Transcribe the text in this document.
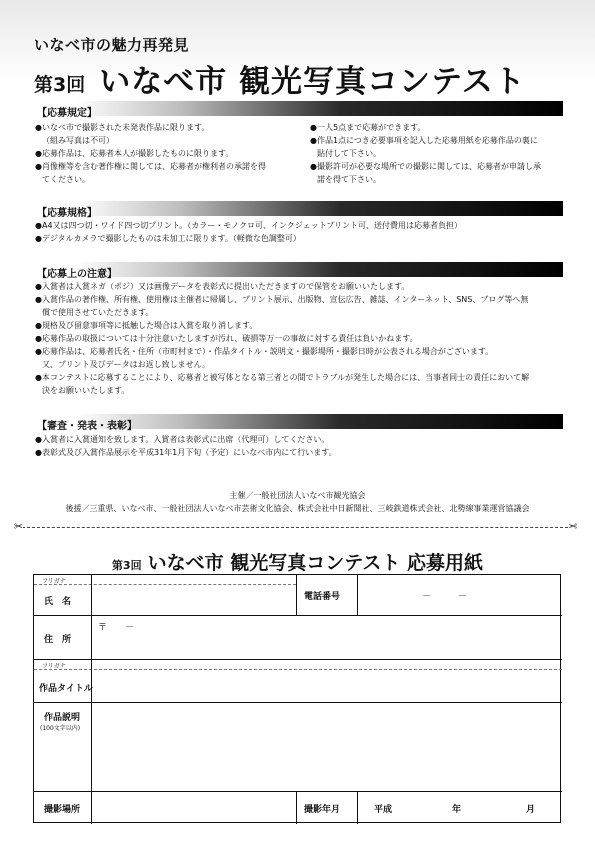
いなべ市の魅力再発見
第3回 いなべ市 観光写真コンテスト
【応募規定】
●いなべ市で撮影された未発表作品に限ります。
（組み写真は不可）
●応募作品は、応募者本人が撮影したものに限ります。
●肖像権等を含む著作権に関しては、応募者が権利者の承諾を得
てください。
●一人5点まで応募ができます。
●作品1点につき必要事項を記入した応募用紙を応募作品の裏に
貼付して下さい。
●撮影許可が必要な場所での撮影に関しては、応募者が申請し承
諾を得て下さい。
【応募規格】
●A4又は四つ切・ワイド四つ切プリント。（カラー・モノクロ可、インクジェットプリント可、送付費用は応募者負担）
●デジタルカメラで撮影したものは未加工に限ります。（軽微な色調整可）
【応募上の注意】
●入賞者は入賞ネガ（ポジ）又は画像データを表彰式に提出いただきますので保管をお願いいたします。
●入賞作品の著作権、所有権、使用権は主催者に帰属し、プリント展示、出版物、宣伝広告、雑誌、インターネット、SNS、ブログ等へ無
償で使用させていただきます。
●規格及び留意事項等に抵触した場合は入賞を取り消します。
●応募作品の取扱については十分注意いたしますが汚れ、破損等万一の事故に対する責任は負いかねます。
●応募作品は、応募者氏名・住所（市町村まで）・作品タイトル・説明文・撮影場所・撮影日時が公表される場合がございます。
又、プリント及びデータはお返し致しません。
●本コンテストに応募することにより、応募者と被写体となる第三者との間でトラブルが発生した場合には、当事者同士の責任において解
決をお願いいたします。
【審査・発表・表彰】
●入賞者に入賞通知を致します。入賞者は表彰式に出席（代理可）してください。
●表彰式及び入賞作品展示を平成31年1月下旬（予定）にいなべ市内にて行います。
主催／一般社団法人いなべ市観光協会
後援／三重県、いなべ市、一般社団法人いなべ市芸術文化協会、株式会社中日新聞社、三岐鉄道株式会社、北勢線事業運営協議会
✂	✂
第3回 いなべ市 観光写真コンテスト 応募用紙
フリガナ
氏　名	電話番号	－　　　－
住　所
〒　　－
フリガナ
作品タイトル
作品説明
(100文字以内)
撮影場所	撮影年月	平成	年	月
